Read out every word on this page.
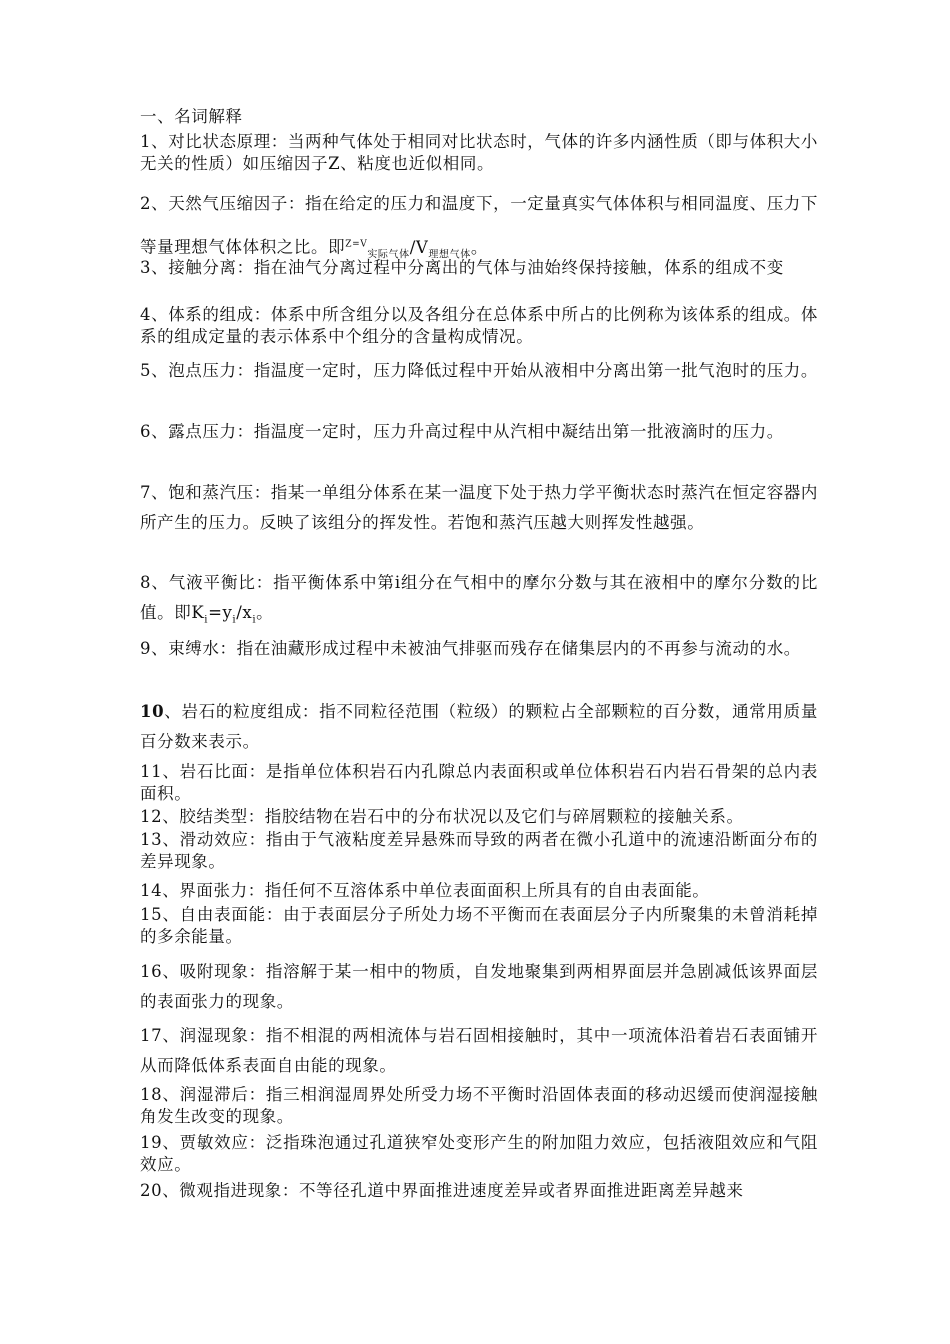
一、名词解释
1、对比状态原理：当两种气体处于相同对比状态时，气体的许多内涵性质（即与体积大小无关的性质）如压缩因子Z、粘度也近似相同。
2、天然气压缩因子：指在给定的压力和温度下，一定量真实气体体积与相同温度、压力下等量理想气体体积之比。即$^{Z=V}_{实际气体}/V_{理想气体}$。
3、接触分离：指在油气分离过程中分离出的气体与油始终保持接触，体系的组成不变
4、体系的组成：体系中所含组分以及各组分在总体系中所占的比例称为该体系的组成。体系的组成定量的表示体系中个组分的含量构成情况。
5、泡点压力：指温度一定时，压力降低过程中开始从液相中分离出第一批气泡时的压力。
6、露点压力：指温度一定时，压力升高过程中从汽相中凝结出第一批液滴时的压力。
7、饱和蒸汽压：指某一单组分体系在某一温度下处于热力学平衡状态时蒸汽在恒定容器内所产生的压力。反映了该组分的挥发性。若饱和蒸汽压越大则挥发性越强。
8、气液平衡比：指平衡体系中第i组分在气相中的摩尔分数与其在液相中的摩尔分数的比值。即$K_i=y_i/x_i$。
9、束缚水：指在油藏形成过程中未被油气排驱而残存在储集层内的不再参与流动的水。
10、岩石的粒度组成：指不同粒径范围（粒级）的颗粒占全部颗粒的百分数，通常用质量百分数来表示。
11、岩石比面：是指单位体积岩石内孔隙总内表面积或单位体积岩石内岩石骨架的总内表面积。
12、胶结类型：指胶结物在岩石中的分布状况以及它们与碎屑颗粒的接触关系。
13、滑动效应：指由于气液粘度差异悬殊而导致的两者在微小孔道中的流速沿断面分布的差异现象。
14、界面张力：指任何不互溶体系中单位表面面积上所具有的自由表面能。
15、自由表面能：由于表面层分子所处力场不平衡而在表面层分子内所聚集的未曾消耗掉的多余能量。
16、吸附现象：指溶解于某一相中的物质，自发地聚集到两相界面层并急剧减低该界面层的表面张力的现象。
17、润湿现象：指不相混的两相流体与岩石固相接触时，其中一项流体沿着岩石表面铺开从而降低体系表面自由能的现象。
18、润湿滞后：指三相润湿周界处所受力场不平衡时沿固体表面的移动迟缓而使润湿接触角发生改变的现象。
19、贾敏效应：泛指珠泡通过孔道狭窄处变形产生的附加阻力效应，包括液阻效应和气阻效应。
20、微观指进现象：不等径孔道中界面推进速度差异或者界面推进距离差异越来
